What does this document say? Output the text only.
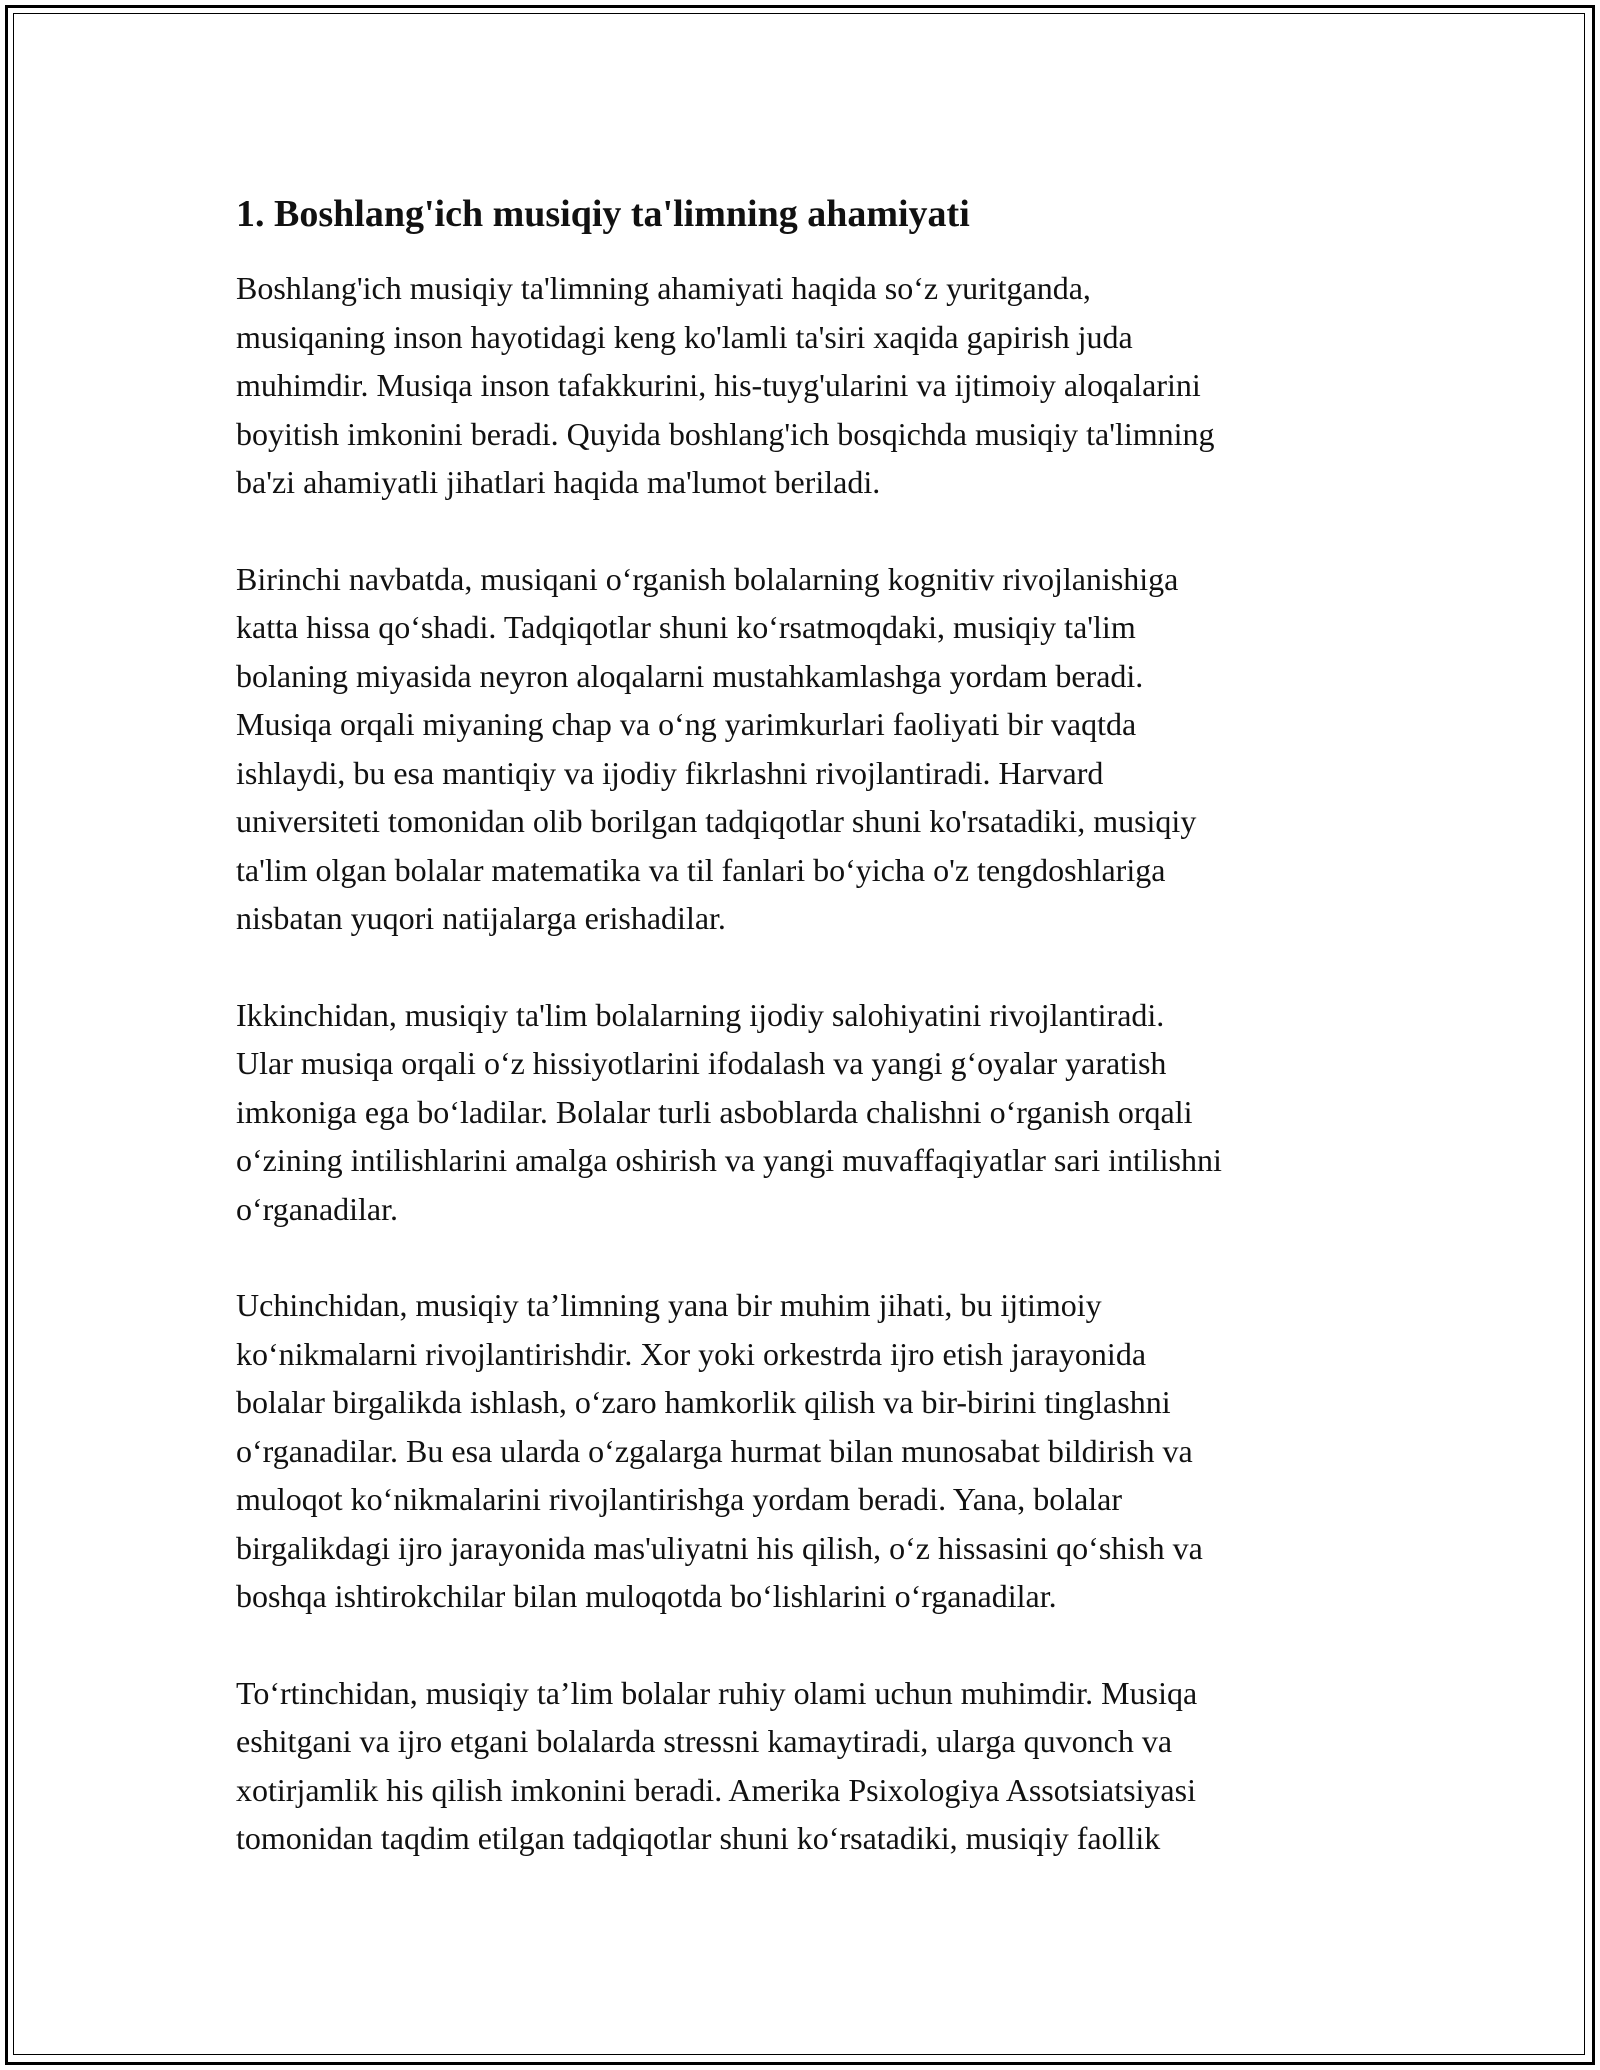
1. Boshlang'ich musiqiy ta'limning ahamiyati

Boshlang'ich musiqiy ta'limning ahamiyati haqida so‘z yuritganda,
musiqaning inson hayotidagi keng ko'lamli ta'siri xaqida gapirish juda
muhimdir. Musiqa inson tafakkurini, his-tuyg'ularini va ijtimoiy aloqalarini
boyitish imkonini beradi. Quyida boshlang'ich bosqichda musiqiy ta'limning
ba'zi ahamiyatli jihatlari haqida ma'lumot beriladi.

Birinchi navbatda, musiqani o‘rganish bolalarning kognitiv rivojlanishiga
katta hissa qo‘shadi. Tadqiqotlar shuni ko‘rsatmoqdaki, musiqiy ta'lim
bolaning miyasida neyron aloqalarni mustahkamlashga yordam beradi.
Musiqa orqali miyaning chap va o‘ng yarimkurlari faoliyati bir vaqtda
ishlaydi, bu esa mantiqiy va ijodiy fikrlashni rivojlantiradi. Harvard
universiteti tomonidan olib borilgan tadqiqotlar shuni ko'rsatadiki, musiqiy
ta'lim olgan bolalar matematika va til fanlari bo‘yicha o'z tengdoshlariga
nisbatan yuqori natijalarga erishadilar.

Ikkinchidan, musiqiy ta'lim bolalarning ijodiy salohiyatini rivojlantiradi.
Ular musiqa orqali o‘z hissiyotlarini ifodalash va yangi g‘oyalar yaratish
imkoniga ega bo‘ladilar. Bolalar turli asboblarda chalishni o‘rganish orqali
o‘zining intilishlarini amalga oshirish va yangi muvaffaqiyatlar sari intilishni
o‘rganadilar.

Uchinchidan, musiqiy ta’limning yana bir muhim jihati, bu ijtimoiy
ko‘nikmalarni rivojlantirishdir. Xor yoki orkestrda ijro etish jarayonida
bolalar birgalikda ishlash, o‘zaro hamkorlik qilish va bir-birini tinglashni
o‘rganadilar. Bu esa ularda o‘zgalarga hurmat bilan munosabat bildirish va
muloqot ko‘nikmalarini rivojlantirishga yordam beradi. Yana, bolalar
birgalikdagi ijro jarayonida mas'uliyatni his qilish, o‘z hissasini qo‘shish va
boshqa ishtirokchilar bilan muloqotda bo‘lishlarini o‘rganadilar.

To‘rtinchidan, musiqiy ta’lim bolalar ruhiy olami uchun muhimdir. Musiqa
eshitgani va ijro etgani bolalarda stressni kamaytiradi, ularga quvonch va
xotirjamlik his qilish imkonini beradi. Amerika Psixologiya Assotsiatsiyasi
tomonidan taqdim etilgan tadqiqotlar shuni ko‘rsatadiki, musiqiy faollik
